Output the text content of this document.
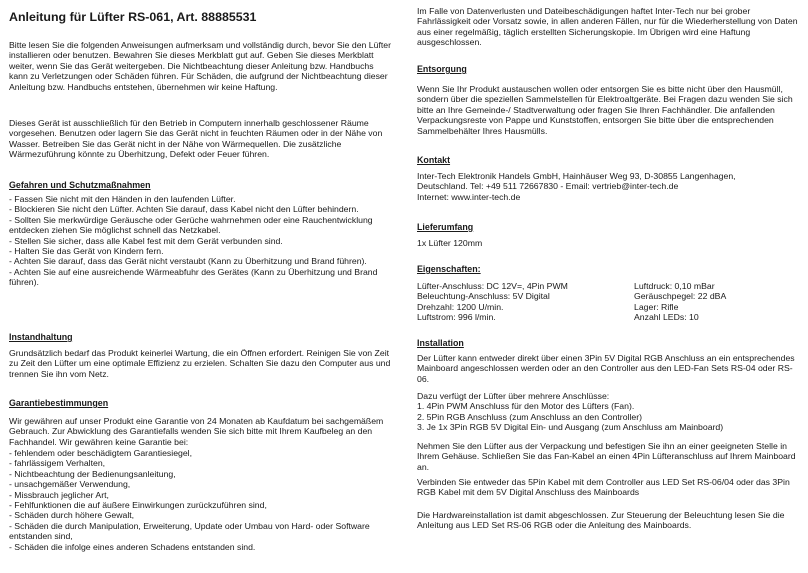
Anleitung für Lüfter RS-061, Art. 88885531

Bitte lesen Sie die folgenden Anweisungen aufmerksam und vollständig durch, bevor Sie den Lüfter installieren oder benutzen. Bewahren Sie dieses Merkblatt gut auf. Geben Sie dieses Merkblatt weiter, wenn Sie das Gerät weitergeben. Die Nichtbeachtung dieser Anleitung bzw. Handbuchs kann zu Verletzungen oder Schäden führen. Für Schäden, die aufgrund der Nichtbeachtung dieser Anleitung bzw. Handbuchs entstehen, übernehmen wir keine Haftung.

Dieses Gerät ist ausschließlich für den Betrieb in Computern innerhalb geschlossener Räume vorgesehen. Benutzen oder lagern Sie das Gerät nicht in feuchten Räumen oder in der Nähe von Wasser. Betreiben Sie das Gerät nicht in der Nähe von Wärmequellen. Die zusätzliche Wärmezuführung könnte zu Überhitzung, Defekt oder Feuer führen.

Gefahren und Schutzmaßnahmen

- Fassen Sie nicht mit den Händen in den laufenden Lüfter.

- Blockieren Sie nicht den Lüfter. Achten Sie darauf, dass Kabel nicht den Lüfter behindern.

- Sollten Sie merkwürdige Geräusche oder Gerüche wahrnehmen oder eine Rauchentwicklung entdecken ziehen Sie möglichst schnell das Netzkabel.

- Stellen Sie sicher, dass alle Kabel fest mit dem Gerät verbunden sind.

- Halten Sie das Gerät von Kindern fern.

- Achten Sie darauf, dass das Gerät nicht verstaubt (Kann zu Überhitzung und Brand führen).

- Achten Sie auf eine ausreichende Wärmeabfuhr des Gerätes (Kann zu Überhitzung und Brand führen).

Instandhaltung

Grundsätzlich bedarf das Produkt keinerlei Wartung, die ein Öffnen erfordert. Reinigen Sie von Zeit zu Zeit den Lüfter um eine optimale Effizienz zu erzielen. Schalten Sie dazu den Computer aus und trennen Sie ihn vom Netz.

Garantiebestimmungen

Wir gewähren auf unser Produkt eine Garantie von 24 Monaten ab Kaufdatum bei sachgemäßem Gebrauch. Zur Abwicklung des Garantiefalls wenden Sie sich bitte mit Ihrem Kaufbeleg an den Fachhandel. Wir gewähren keine Garantie bei:

- fehlendem oder beschädigtem Garantiesiegel,

- fahrlässigem Verhalten,

- Nichtbeachtung der Bedienungsanleitung,

- unsachgemäßer Verwendung,

- Missbrauch jeglicher Art,

- Fehlfunktionen die auf äußere Einwirkungen zurückzuführen sind,

- Schäden durch höhere Gewalt,

- Schäden die durch Manipulation, Erweiterung, Update oder Umbau von Hard- oder Software entstanden sind,

- Schäden die infolge eines anderen Schadens entstanden sind.

Im Falle von Datenverlusten und Dateibeschädigungen haftet Inter-Tech nur bei grober Fahrlässigkeit oder Vorsatz sowie, in allen anderen Fällen, nur für die Wiederherstellung von Daten aus einer regelmäßig, täglich erstellten Sicherungskopie. Im Übrigen wird eine Haftung ausgeschlossen.

Entsorgung

Wenn Sie Ihr Produkt austauschen wollen oder entsorgen Sie es bitte nicht über den Hausmüll, sondern über die speziellen Sammelstellen für Elektroaltgeräte. Bei Fragen dazu wenden Sie sich bitte an Ihre Gemeinde-/ Stadtverwaltung oder fragen Sie Ihren Fachhändler. Die anfallenden Verpackungsreste von Pappe und Kunststoffen, entsorgen Sie bitte über die entsprechenden Sammelbehälter Ihres Hausmülls.

Kontakt

Inter-Tech Elektronik Handels GmbH, Hainhäuser Weg 93, D-30855 Langenhagen,

Deutschland. Tel: +49 511 72667830 - Email: vertrieb@inter-tech.de

Internet: www.inter-tech.de

Lieferumfang

1x Lüfter 120mm

Eigenschaften:

Lüfter-Anschluss: DC 12V=, 4Pin PWM

Beleuchtung-Anschluss: 5V Digital

Drehzahl: 1200 U/min.

Luftstrom: 996 l/min.

Luftdruck: 0,10 mBar

Geräuschpegel: 22 dBA

Lager: Rifle

Anzahl LEDs: 10

Installation

Der Lüfter kann entweder direkt über einen 3Pin 5V Digital RGB Anschluss an ein entsprechendes Mainboard angeschlossen werden oder an den Controller aus den LED-Fan Sets RS-04 oder RS-06.

Dazu verfügt der Lüfter über mehrere Anschlüsse:

1. 4Pin PWM Anschluss für den Motor des Lüfters (Fan).

2. 5Pin RGB Anschluss (zum Anschluss an den Controller)

3. Je 1x 3Pin RGB 5V Digital Ein- und Ausgang (zum Anschluss am Mainboard)

Nehmen Sie den Lüfter aus der Verpackung und befestigen Sie ihn an einer geeigneten Stelle in Ihrem Gehäuse. Schließen Sie das Fan-Kabel an einen 4Pin Lüfteranschluss auf Ihrem Mainboard an.

Verbinden Sie entweder das 5Pin Kabel mit dem Controller aus LED Set RS-06/04 oder das 3Pin RGB Kabel mit dem 5V Digital Anschluss des Mainboards

Die Hardwareinstallation ist damit abgeschlossen. Zur Steuerung der Beleuchtung lesen Sie die Anleitung aus LED Set RS-06 RGB oder die Anleitung des Mainboards.
